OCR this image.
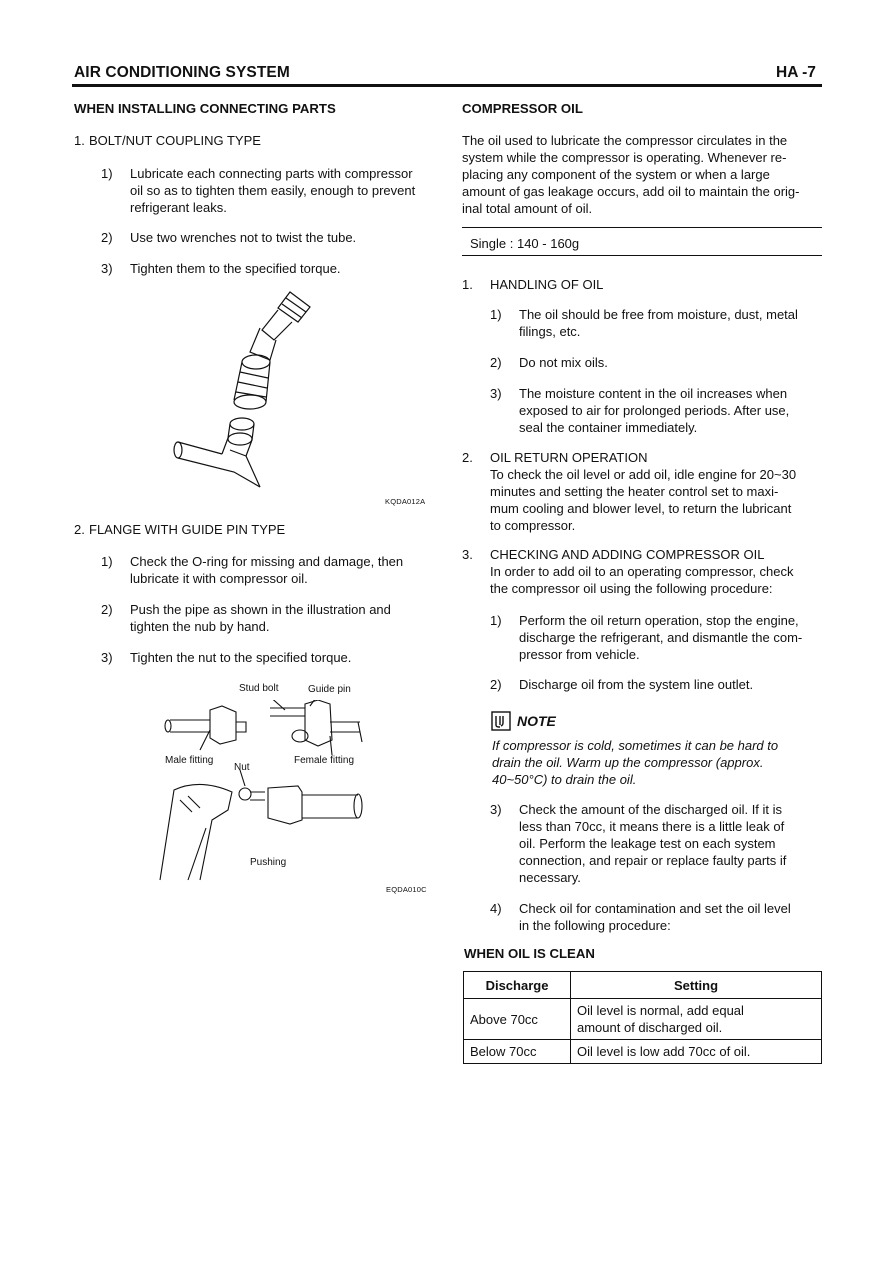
AIR CONDITIONING SYSTEM	HA -7
WHEN INSTALLING CONNECTING PARTS
1. BOLT/NUT COUPLING TYPE
1) Lubricate each connecting parts with compressor
oil so as to tighten them easily, enough to prevent
refrigerant leaks.
2) Use two wrenches not to twist the tube.
3) Tighten them to the specified torque.
KQDA012A
2. FLANGE WITH GUIDE PIN TYPE
1) Check the O-ring for missing and damage, then
lubricate it with compressor oil.
2) Push the pipe as shown in the illustration and
tighten the nub by hand.
3) Tighten the nut to the specified torque.
Stud bolt	Guide pin
Male fitting
Nut
Female fitting
Pushing
EQDA010C
COMPRESSOR OIL
The oil used to lubricate the compressor circulates in the
system while the compressor is operating. Whenever re-
placing any component of the system or when a large
amount of gas leakage occurs, add oil to maintain the orig-
inal total amount of oil.
Single : 140 - 160g
1. HANDLING OF OIL
1) The oil should be free from moisture, dust, metal
filings, etc.
2) Do not mix oils.
3) The moisture content in the oil increases when
exposed to air for prolonged periods. After use,
seal the container immediately.
2. OIL RETURN OPERATION
To check the oil level or add oil, idle engine for 20~30
minutes and setting the heater control set to maxi-
mum cooling and blower level, to return the lubricant
to compressor.
3. CHECKING AND ADDING COMPRESSOR OIL
In order to add oil to an operating compressor, check
the compressor oil using the following procedure:
1) Perform the oil return operation, stop the engine,
discharge the refrigerant, and dismantle the com-
pressor from vehicle.
2) Discharge oil from the system line outlet.
NOTE
If compressor is cold, sometimes it can be hard to
drain the oil. Warm up the compressor (approx.
40~50°C) to drain the oil.
3) Check the amount of the discharged oil. If it is
less than 70cc, it means there is a little leak of
oil. Perform the leakage test on each system
connection, and repair or replace faulty parts if
necessary.
4) Check oil for contamination and set the oil level
in the following procedure:
WHEN OIL IS CLEAN
Discharge	Setting
Above 70cc	Oil level is normal, add equal
amount of discharged oil.

Below 70cc	Oil level is low add 70cc of oil.
